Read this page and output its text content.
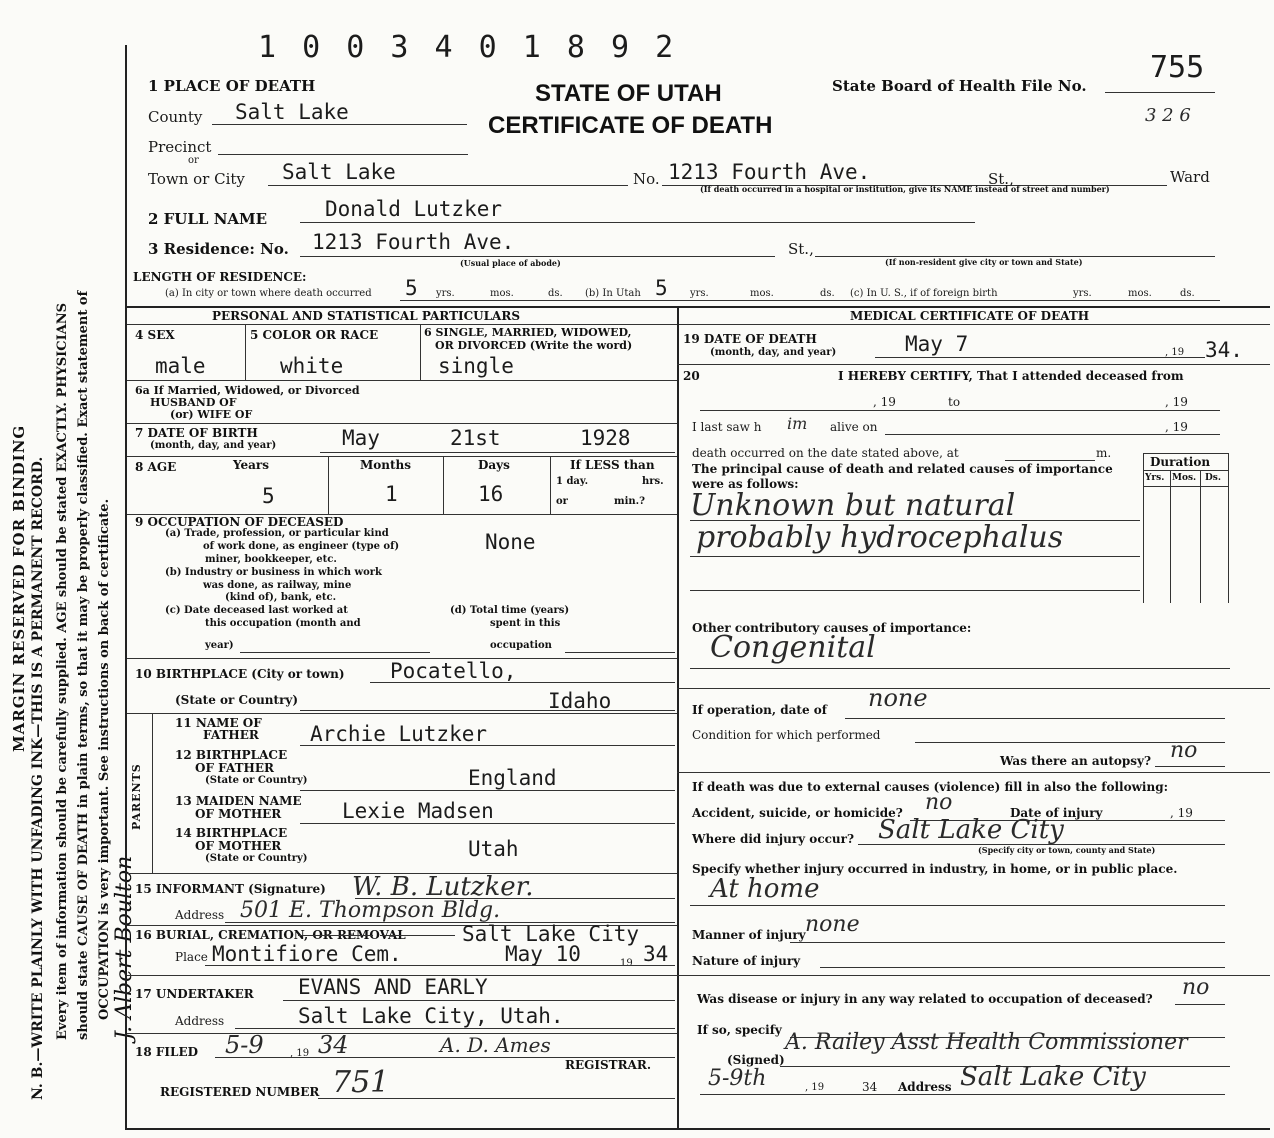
MARGIN RESERVED FOR BINDING N. B.—WRITE PLAINLY WITH UNFADING INK—THIS IS A PERMANENT RECORD. Every item of information should be carefully supplied. AGE should be stated EXACTLY. PHYSICIANS should state CAUSE OF DEATH in plain terms, so that it may be properly classified. Exact statement of OCCUPATION is very important. See instructions on back of certificate. J. Albert Boulton
1 0 0 3 4 0 1 8 9 2
STATE OF UTAH
CERTIFICATE OF DEATH
State Board of Health File No.
755
3 2 6
1 PLACE OF DEATH
County Salt Lake
Precinct
or
Town or City Salt Lake	No. 1213 Fourth Ave.	St.,	Ward
(If death occurred in a hospital or institution, give its NAME instead of street and number)
2 FULL NAME	Donald Lutzker
3 Residence: No. 1213 Fourth Ave.	St.,
(Usual place of abode)	(If non-resident give city or town and State)
LENGTH OF RESIDENCE:
(a) In city or town where death occurred 5 yrs.	mos.	ds. (b) In Utah 5 yrs.	mos.	ds. (c) In U. S., if of foreign birth	yrs.	mos.	ds.
PERSONAL AND STATISTICAL PARTICULARS	MEDICAL CERTIFICATE OF DEATH
4 SEX
male
5 COLOR OR RACE
white
6 SINGLE, MARRIED, WIDOWED,
OR DIVORCED (Write the word)
single
6a If Married, Widowed, or Divorced
HUSBAND OF
(or) WIFE OF
7 DATE OF BIRTH
(month, day, and year)	May	21st	1928
8 AGE	Years	Months	Days	If LESS than
1 day.	hrs.
or	min.?
5	1	16
9 OCCUPATION OF DECEASED
(a) Trade, profession, or particular kind
of work done, as engineer (type of)
miner, bookkeeper, etc.
None
(b) Industry or business in which work
was done, as railway, mine
(kind of), bank, etc.
(c) Date deceased last worked at
this occupation (month and
year)
(d) Total time (years)
spent in this
occupation
10 BIRTHPLACE (City or town) Pocatello,
(State or Country)	Idaho
PARENTS
11 NAME OF
FATHER Archie Lutzker
12 BIRTHPLACE
OF FATHER
(State or Country)	England
13 MAIDEN NAME
OF MOTHER	Lexie Madsen
14 BIRTHPLACE
OF MOTHER
(State or Country)	Utah
15 INFORMANT (Signature) W. B. Lutzker.
Address 501 E. Thompson Bldg.
16 BURIAL, CREMATION, OR REMOVAL	Salt Lake City
Place Montifiore Cem.	May 10	19 34
17 UNDERTAKER EVANS AND EARLY
Address	Salt Lake City, Utah.
18 FILED 5-9	, 19 34	A. D. Ames
REGISTRAR.
REGISTERED NUMBER 751
19 DATE OF DEATH
(month, day, and year)	May 7	, 19 34.
20	I HEREBY CERTIFY, That I attended deceased from
, 19	to	, 19
I last saw h im alive on	, 19
death occurred on the date stated above, at	m.
The principal cause of death and related causes of importance
were as follows:
Duration
Yrs. Mos. Ds.
Unknown but natural
probably hydrocephalus
Other contributory causes of importance:
Congenital
If operation, date of none
Condition for which performed
Was there an autopsy? no
If death was due to external causes (violence) fill in also the following:
Accident, suicide, or homicide? no	Date of injury	, 19
Where did injury occur? Salt Lake City
(Specify city or town, county and State)
Specify whether injury occurred in industry, in home, or in public place.
At home
Manner of injury none
Nature of injury
Was disease or injury in any way related to occupation of deceased? no
If so, specify
(Signed)
A. Railey Asst Health Commissioner
5-9th	, 19	34 Address Salt Lake City
